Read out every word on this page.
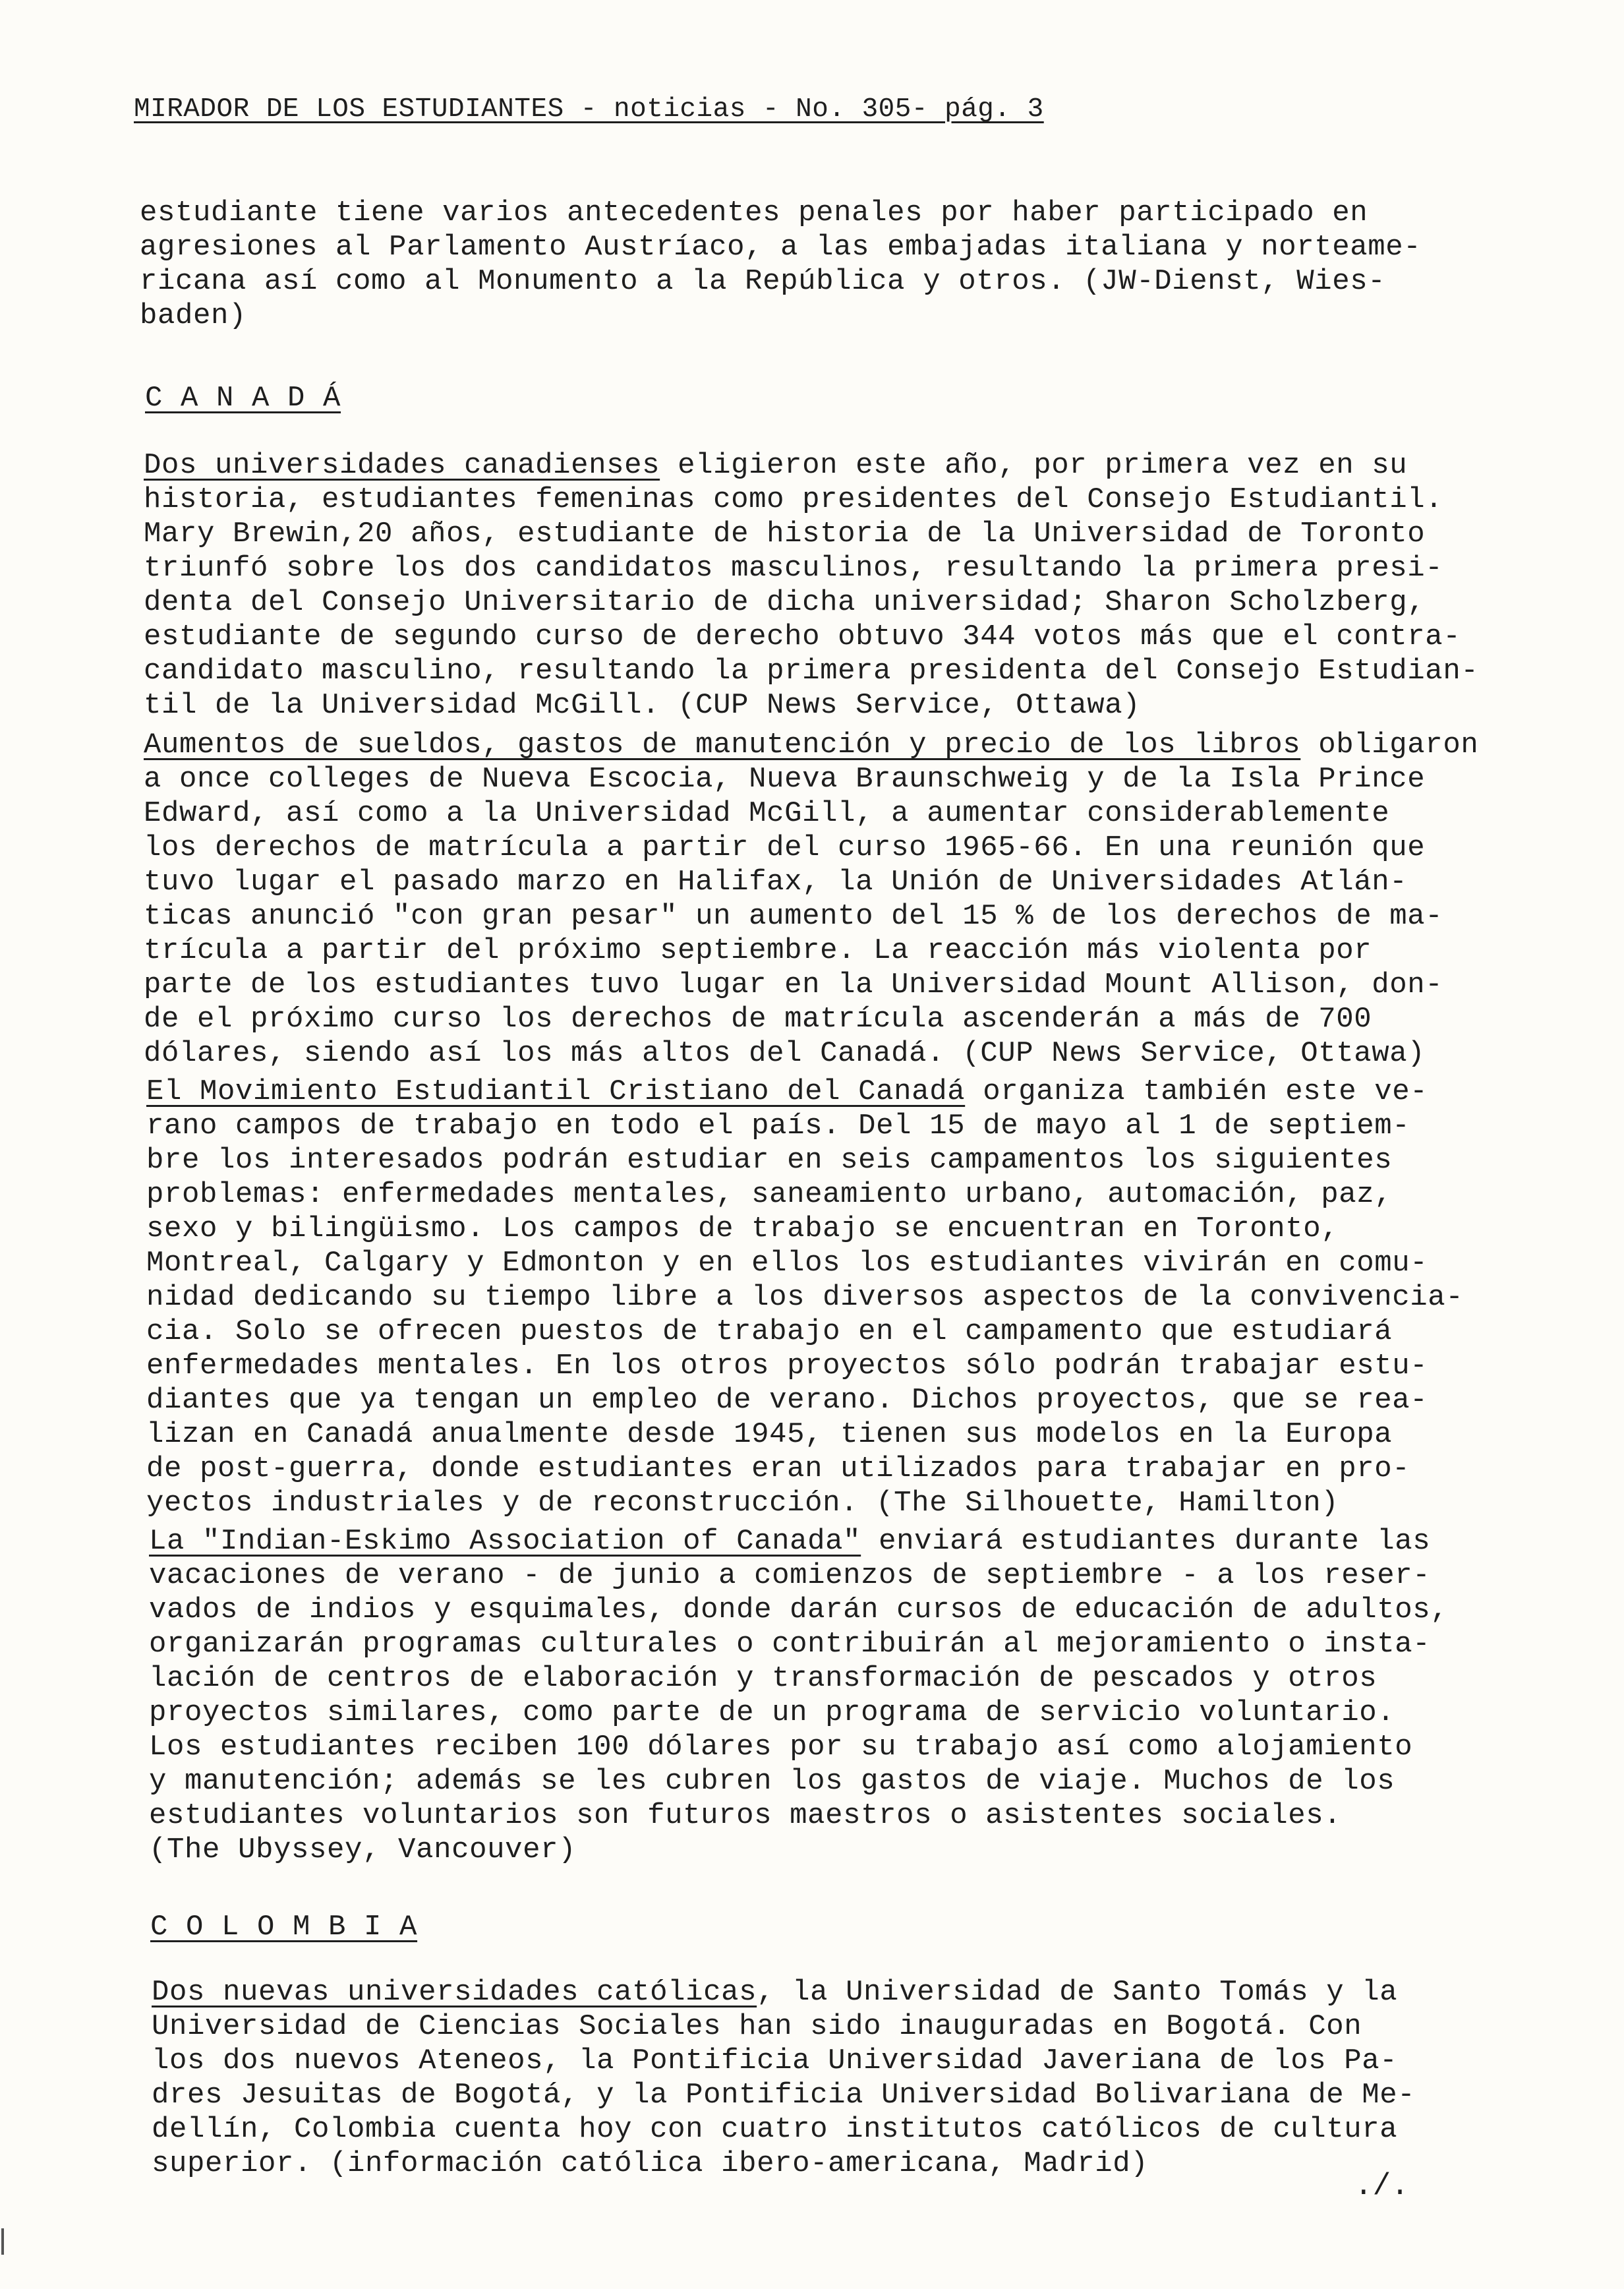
MIRADOR DE LOS ESTUDIANTES - noticias - No. 305- pág. 3
estudiante tiene varios antecedentes penales por haber participado en
agresiones al Parlamento Austríaco, a las embajadas italiana y norteame-
ricana así como al Monumento a la República y otros. (JW-Dienst, Wies-
baden)
C A N A D Á
Dos universidades canadienses eligieron este año, por primera vez en su
historia, estudiantes femeninas como presidentes del Consejo Estudiantil.
Mary Brewin,20 años, estudiante de historia de la Universidad de Toronto
triunfó sobre los dos candidatos masculinos, resultando la primera presi-
denta del Consejo Universitario de dicha universidad; Sharon Scholzberg,
estudiante de segundo curso de derecho obtuvo 344 votos más que el contra-
candidato masculino, resultando la primera presidenta del Consejo Estudian-
til de la Universidad McGill. (CUP News Service, Ottawa)
Aumentos de sueldos, gastos de manutención y precio de los libros obligaron
a once colleges de Nueva Escocia, Nueva Braunschweig y de la Isla Prince
Edward, así como a la Universidad McGill, a aumentar considerablemente
los derechos de matrícula a partir del curso 1965-66. En una reunión que
tuvo lugar el pasado marzo en Halifax, la Unión de Universidades Atlán-
ticas anunció "con gran pesar" un aumento del 15 % de los derechos de ma-
trícula a partir del próximo septiembre. La reacción más violenta por
parte de los estudiantes tuvo lugar en la Universidad Mount Allison, don-
de el próximo curso los derechos de matrícula ascenderán a más de 700
dólares, siendo así los más altos del Canadá. (CUP News Service, Ottawa)
El Movimiento Estudiantil Cristiano del Canadá organiza también este ve-
rano campos de trabajo en todo el país. Del 15 de mayo al 1 de septiem-
bre los interesados podrán estudiar en seis campamentos los siguientes
problemas: enfermedades mentales, saneamiento urbano, automación, paz,
sexo y bilingüismo. Los campos de trabajo se encuentran en Toronto,
Montreal, Calgary y Edmonton y en ellos los estudiantes vivirán en comu-
nidad dedicando su tiempo libre a los diversos aspectos de la convivencia-
cia. Solo se ofrecen puestos de trabajo en el campamento que estudiará
enfermedades mentales. En los otros proyectos sólo podrán trabajar estu-
diantes que ya tengan un empleo de verano. Dichos proyectos, que se rea-
lizan en Canadá anualmente desde 1945, tienen sus modelos en la Europa
de post-guerra, donde estudiantes eran utilizados para trabajar en pro-
yectos industriales y de reconstrucción. (The Silhouette, Hamilton)
La "Indian-Eskimo Association of Canada" enviará estudiantes durante las
vacaciones de verano - de junio a comienzos de septiembre - a los reser-
vados de indios y esquimales, donde darán cursos de educación de adultos,
organizarán programas culturales o contribuirán al mejoramiento o insta-
lación de centros de elaboración y transformación de pescados y otros
proyectos similares, como parte de un programa de servicio voluntario.
Los estudiantes reciben 100 dólares por su trabajo así como alojamiento
y manutención; además se les cubren los gastos de viaje. Muchos de los
estudiantes voluntarios son futuros maestros o asistentes sociales.
(The Ubyssey, Vancouver)
C O L O M B I A
Dos nuevas universidades católicas, la Universidad de Santo Tomás y la
Universidad de Ciencias Sociales han sido inauguradas en Bogotá. Con
los dos nuevos Ateneos, la Pontificia Universidad Javeriana de los Pa-
dres Jesuitas de Bogotá, y la Pontificia Universidad Bolivariana de Me-
dellín, Colombia cuenta hoy con cuatro institutos católicos de cultura
superior. (información católica ibero-americana, Madrid)
./.
